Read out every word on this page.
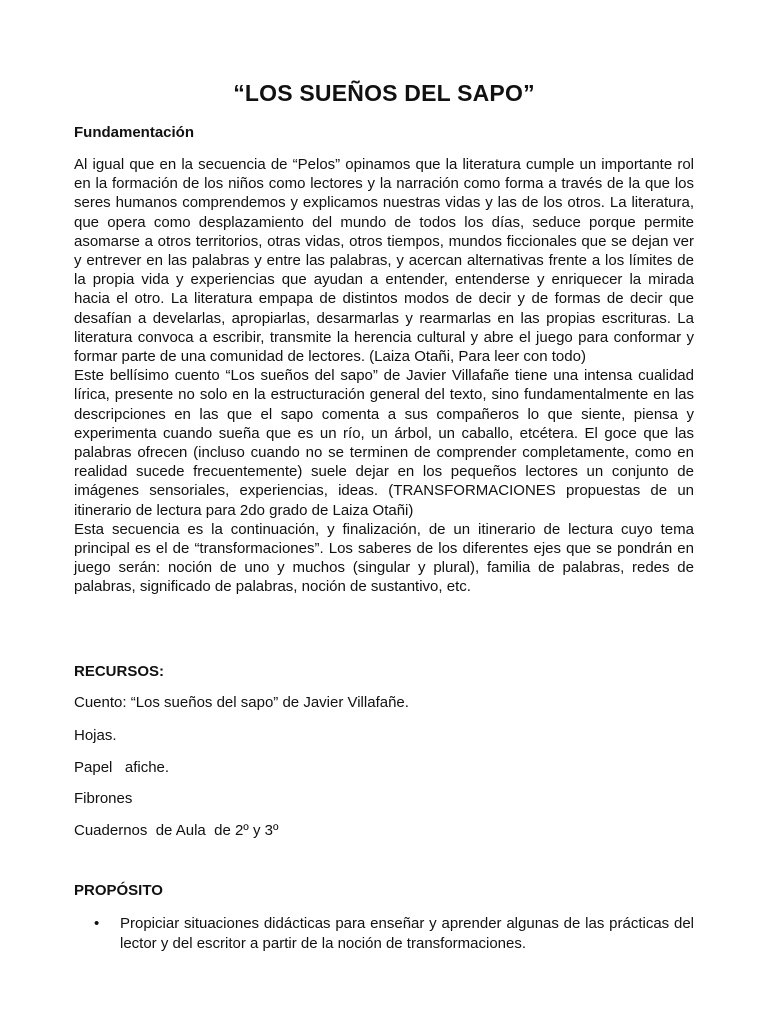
“LOS SUEÑOS DEL SAPO”
Fundamentación

Al igual que en la secuencia de “Pelos” opinamos que la literatura cumple un importante rol en la formación de los niños como lectores y la narración como forma a través de la que los seres humanos comprendemos y explicamos nuestras vidas y las de los otros. La literatura, que opera como desplazamiento del mundo de todos los días, seduce porque permite asomarse a otros territorios, otras vidas, otros tiempos, mundos ficcionales que se dejan ver y entrever en las palabras y entre las palabras, y acercan alternativas frente a los límites de la propia vida y experiencias que ayudan a entender, entenderse y enriquecer la mirada hacia el otro. La literatura empapa de distintos modos de decir y de formas de decir que desafían a develarlas, apropiarlas, desarmarlas y rearmarlas en las propias escrituras. La literatura convoca a escribir, transmite la herencia cultural y abre el juego para conformar y formar parte de una comunidad de lectores. (Laiza Otañi, Para leer con todo)

Este bellísimo cuento “Los sueños del sapo” de Javier Villafañe tiene una intensa cualidad lírica, presente no solo en la estructuración general del texto, sino fundamentalmente en las descripciones en las que el sapo comenta a sus compañeros lo que siente, piensa y experimenta cuando sueña que es un río, un árbol, un caballo, etcétera. El goce que las palabras ofrecen (incluso cuando no se terminen de comprender completamente, como en realidad sucede frecuentemente) suele dejar en los pequeños lectores un conjunto de imágenes sensoriales, experiencias, ideas. (TRANSFORMACIONES propuestas de un itinerario de lectura para 2do grado de Laiza Otañi)

Esta secuencia es la continuación, y finalización, de un itinerario de lectura cuyo tema principal es el de “transformaciones”. Los saberes de los diferentes ejes que se pondrán en juego serán: noción de uno y muchos (singular y plural), familia de palabras, redes de palabras, significado de palabras, noción de sustantivo, etc.

RECURSOS:

Cuento: “Los sueños del sapo” de Javier Villafañe.

Hojas.

Papel   afiche.

Fibrones

Cuadernos  de Aula  de 2º y 3º

PROPÓSITO
• Propiciar situaciones didácticas para enseñar y aprender algunas de las prácticas del lector y del escritor a partir de la noción de transformaciones.
